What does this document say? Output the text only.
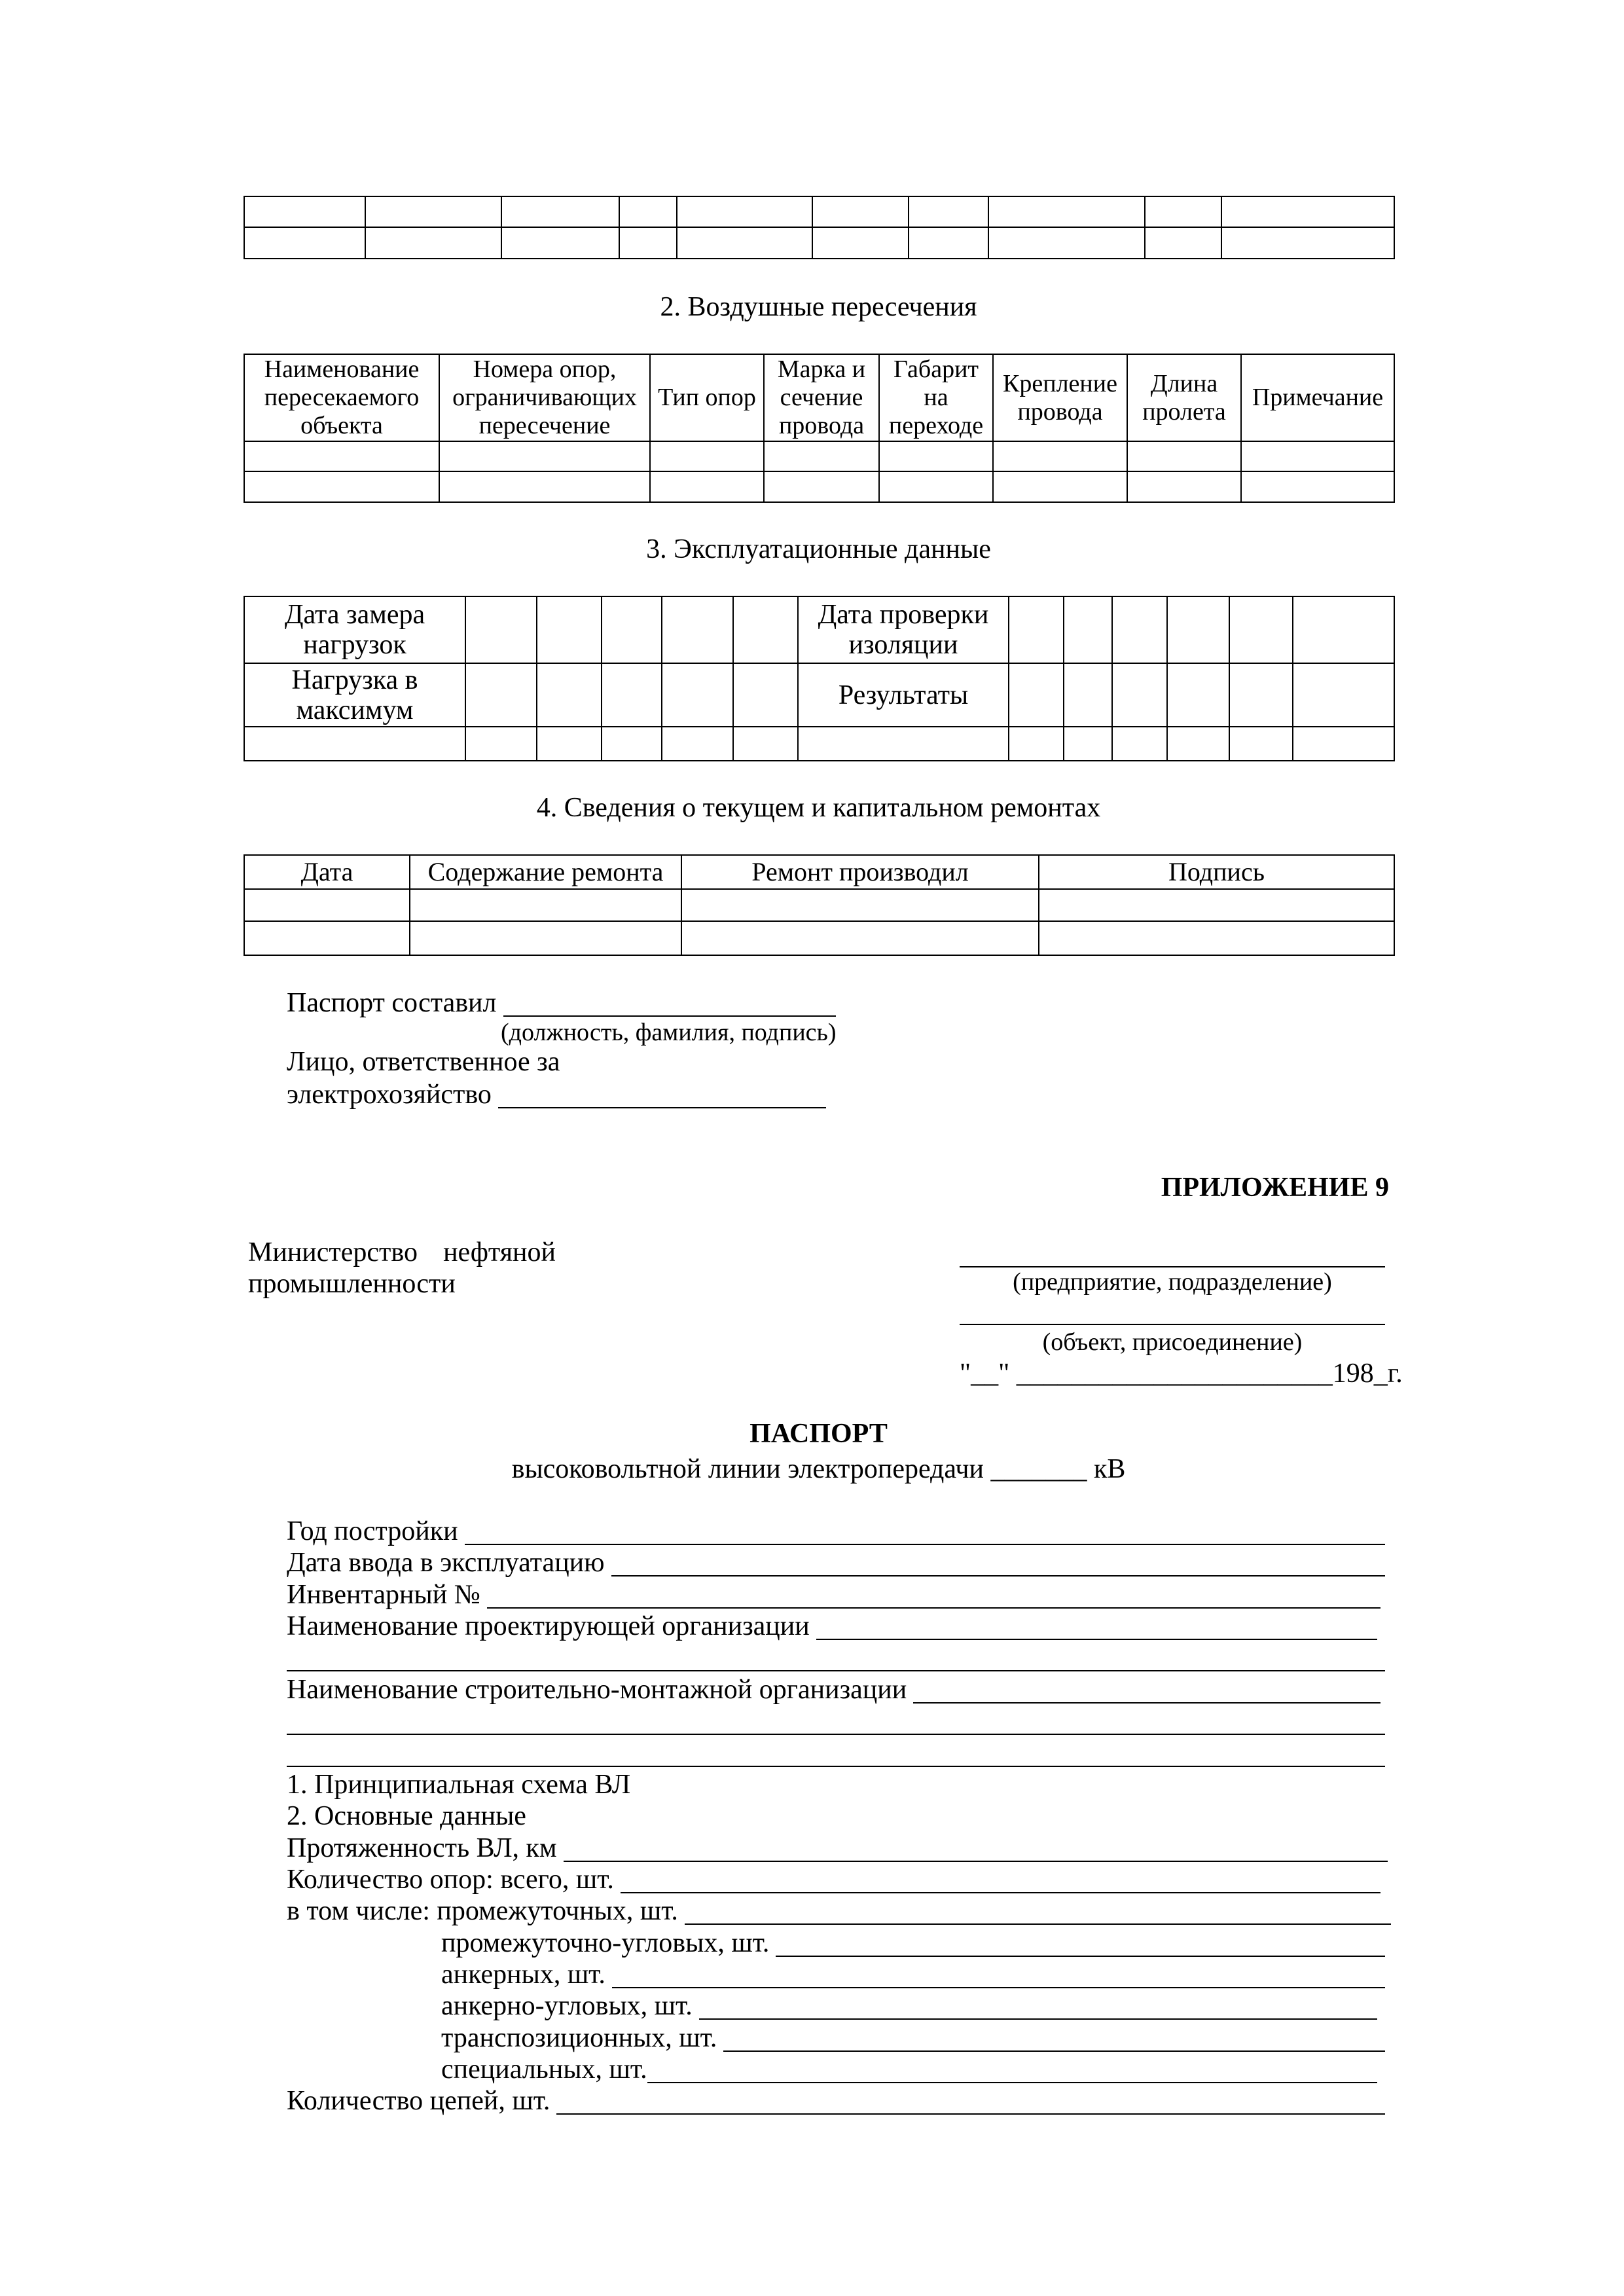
2. Воздушные пересечения
Наименование пересекаемого объекта	Номера опор, ограничивающих пересечение	Тип опор	Марка и сечение провода	Габарит на переходе	Крепление провода	Длина пролета	Примечание

3. Эксплуатационные данные
Дата замера нагрузок						Дата проверки изоляции						
Нагрузка в максимум						Результаты						

4. Сведения о текущем и капитальном ремонтах
Дата	Содержание ремонта	Ремонт производил	Подпись

Паспорт составил
(должность, фамилия, подпись)
Лицо, ответственное за
электрохозяйство
ПРИЛОЖЕНИЕ 9
Министерство нефтяной
промышленности	(предприятие, подразделение)
(объект, присоединение)
"__" _______________________198_г.
ПАСПОРТ
высоковольтной линии электропередачи _______ кВ
Год постройки
Дата ввода в эксплуатацию
Инвентарный №
Наименование проектирующей организации
Наименование строительно-монтажной организации
1. Принципиальная схема ВЛ
2. Основные данные
Протяженность ВЛ, км
Количество опор: всего, шт.
в том числе: промежуточных, шт.
промежуточно-угловых, шт.
анкерных, шт.
анкерно-угловых, шт.
транспозиционных, шт.
специальных, шт.
Количество цепей, шт.
